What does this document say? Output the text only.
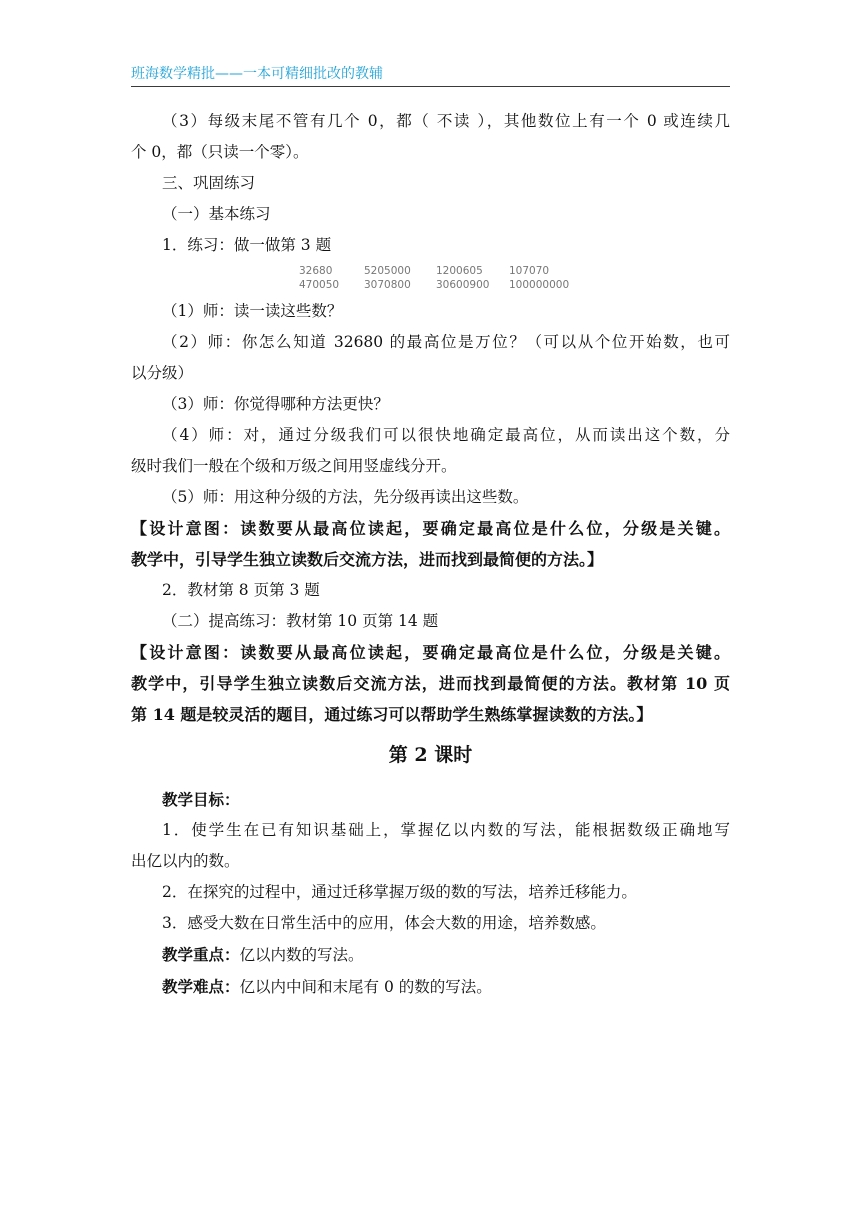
班海数学精批——一本可精细批改的教辅
（3）每级末尾不管有几个 0，都（ 不读 ），其他数位上有一个 0 或连续几
个 0，都（只读一个零）。
三、巩固练习
（一）基本练习
1．练习：做一做第 3 题
32680	5205000	1200605	107070
470050	3070800	30600900	100000000
（1）师：读一读这些数？
（2）师：你怎么知道 32680 的最高位是万位？（可以从个位开始数，也可
以分级）
（3）师：你觉得哪种方法更快？
（4）师：对，通过分级我们可以很快地确定最高位，从而读出这个数，分
级时我们一般在个级和万级之间用竖虚线分开。
（5）师：用这种分级的方法，先分级再读出这些数。
【设计意图：读数要从最高位读起，要确定最高位是什么位，分级是关键。
教学中，引导学生独立读数后交流方法，进而找到最简便的方法。】
2．教材第 8 页第 3 题
（二）提高练习：教材第 10 页第 14 题
【设计意图：读数要从最高位读起，要确定最高位是什么位，分级是关键。
教学中，引导学生独立读数后交流方法，进而找到最简便的方法。教材第 10 页
第 14 题是较灵活的题目，通过练习可以帮助学生熟练掌握读数的方法。】
第 2 课时
教学目标：
1．使学生在已有知识基础上，掌握亿以内数的写法，能根据数级正确地写
出亿以内的数。
2．在探究的过程中，通过迁移掌握万级的数的写法，培养迁移能力。
3．感受大数在日常生活中的应用，体会大数的用途，培养数感。
教学重点：亿以内数的写法。
教学难点：亿以内中间和末尾有 0 的数的写法。
